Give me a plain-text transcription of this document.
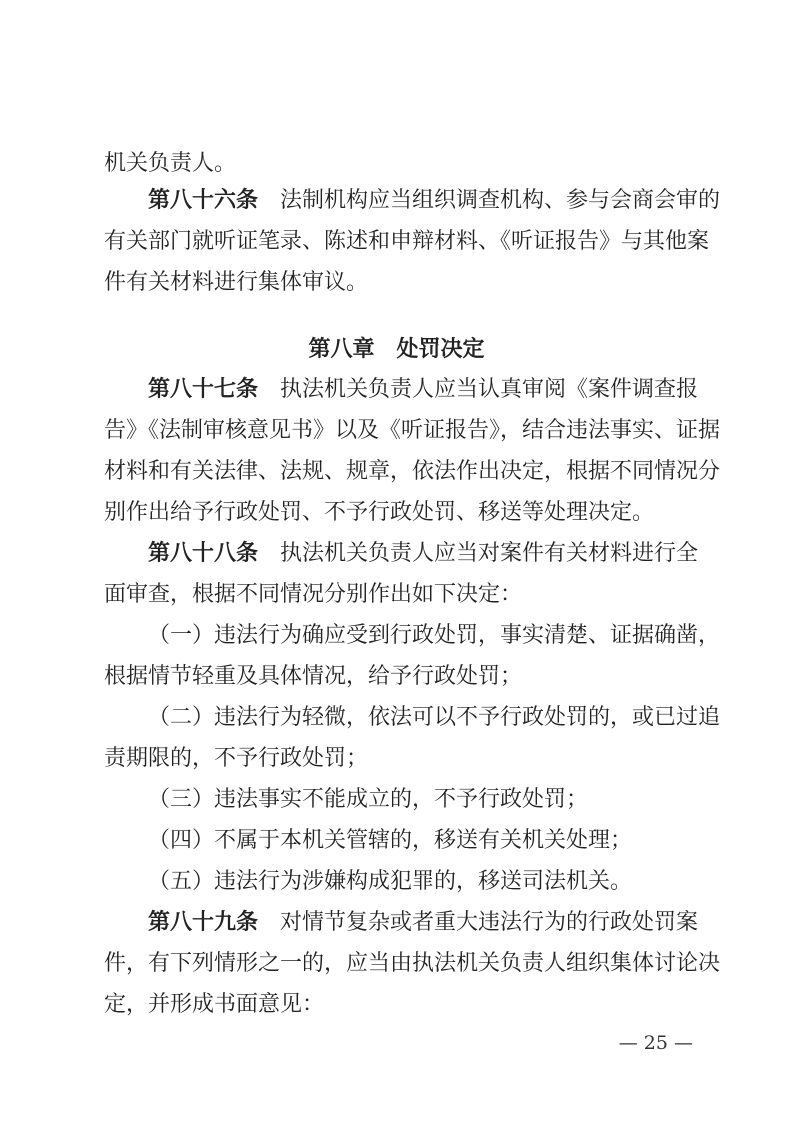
机关负责人。
第八十六条 法制机构应当组织调查机构、参与会商会审的
有关部门就听证笔录、陈述和申辩材料、《听证报告》与其他案
件有关材料进行集体审议。
第八章 处罚决定
第八十七条 执法机关负责人应当认真审阅《案件调查报
告》《法制审核意见书》以及《听证报告》，结合违法事实、证据
材料和有关法律、法规、规章，依法作出决定，根据不同情况分
别作出给予行政处罚、不予行政处罚、移送等处理决定。
第八十八条 执法机关负责人应当对案件有关材料进行全
面审查，根据不同情况分别作出如下决定：
（一）违法行为确应受到行政处罚，事实清楚、证据确凿，
根据情节轻重及具体情况，给予行政处罚；
（二）违法行为轻微，依法可以不予行政处罚的，或已过追
责期限的，不予行政处罚；
（三）违法事实不能成立的，不予行政处罚；
（四）不属于本机关管辖的，移送有关机关处理；
（五）违法行为涉嫌构成犯罪的，移送司法机关。
第八十九条 对情节复杂或者重大违法行为的行政处罚案
件，有下列情形之一的，应当由执法机关负责人组织集体讨论决
定，并形成书面意见：
— 25 —
